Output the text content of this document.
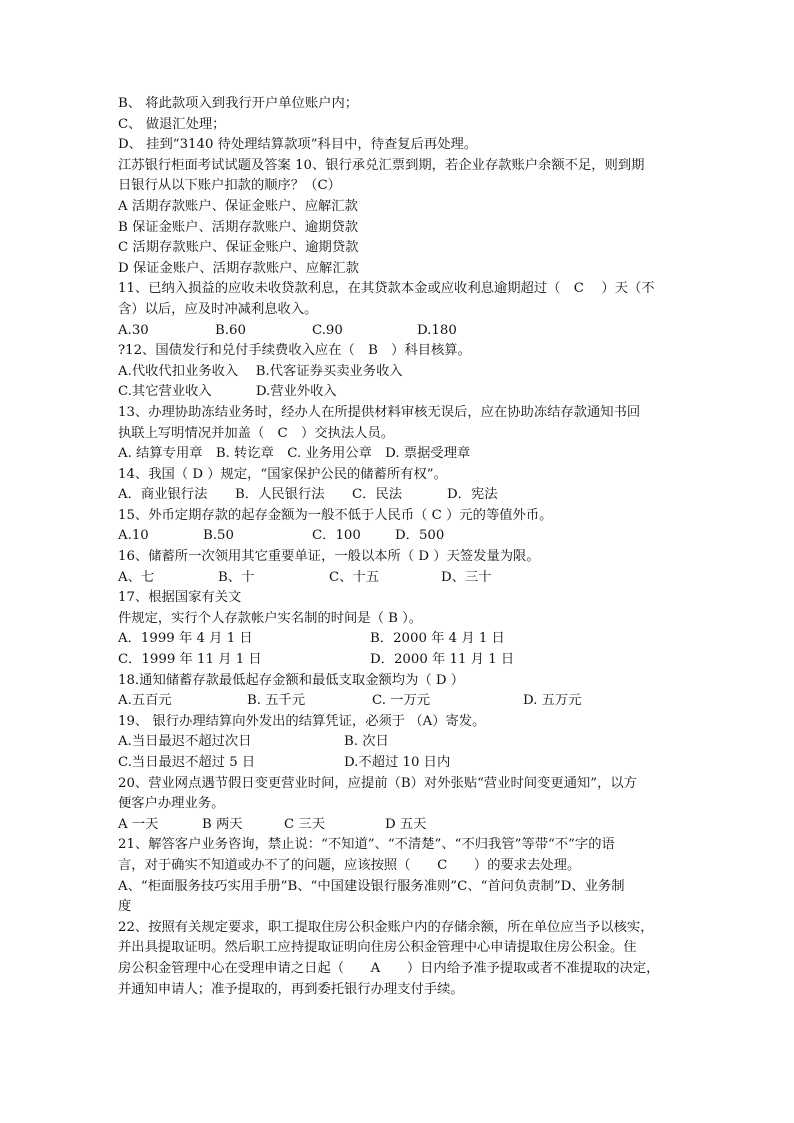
B、 将此款项入到我行开户单位账户内；
C、 做退汇处理；
D、 挂到“3140 待处理结算款项”科目中，待查复后再处理。
江苏银行柜面考试试题及答案 10、银行承兑汇票到期，若企业存款账户余额不足，则到期
日银行从以下账户扣款的顺序？（C）
A 活期存款账户、保证金账户、应解汇款
B 保证金账户、活期存款账户、逾期贷款
C 活期存款账户、保证金账户、逾期贷款
D 保证金账户、活期存款账户、应解汇款
11、已纳入损益的应收未收贷款利息，在其贷款本金或应收利息逾期超过（　C　 ）天（不
含）以后，应及时冲减利息收入。
A.30	B.60	C.90	D.180
?12、国债发行和兑付手续费收入应在（　B　）科目核算。
A.代收代扣业务收入　 B.代客证券买卖业务收入
C.其它营业收入　　　 D.营业外收入
13、办理协助冻结业务时，经办人在所提供材料审核无误后，应在协助冻结存款通知书回
执联上写明情况并加盖（　C　）交执法人员。
A. 结算专用章　B. 转讫章　C. 业务用公章　D. 票据受理章
14、我国（ D ）规定，“国家保护公民的储蓄所有权”。
A．商业银行法 B．人民银行法 C．民法	D．宪法
15、外币定期存款的起存金额为一般不低于人民币（ C ）元的等值外币。
A.10	B.50	C．100	D．500
16、储蓄所一次领用其它重要单证，一般以本所（ D ）天签发量为限。
A、七	B、十	C、十五	D、三十
17、根据国家有关文
件规定，实行个人存款帐户实名制的时间是（ B ）。
A．1999 年 4 月 1 日	B．2000 年 4 月 1 日
C．1999 年 11 月 1 日	D．2000 年 11 月 1 日
18.通知储蓄存款最低起存金额和最低支取金额均为（ D ）
A.五百元	B. 五千元	C. 一万元	D. 五万元
19、 银行办理结算向外发出的结算凭证，必须于 （A）寄发。
A.当日最迟不超过次日	B. 次日
C.当日最迟不超过 5 日	D.不超过 10 日内
20、营业网点遇节假日变更营业时间，应提前（B）对外张贴“营业时间变更通知”，以方
便客户办理业务。
A 一天	B 两天	C 三天	D 五天
21、解答客户业务咨询，禁止说：“不知道”、“不清楚”、“不归我管”等带“不”字的语
言，对于确实不知道或办不了的问题，应该按照（　　C　　）的要求去处理。
A、“柜面服务技巧实用手册”B、“中国建设银行服务准则”C、“首问负责制”D、业务制
度
22、按照有关规定要求，职工提取住房公积金账户内的存储余额，所在单位应当予以核实，
并出具提取证明。然后职工应持提取证明向住房公积金管理中心申请提取住房公积金。住
房公积金管理中心在受理申请之日起（　　A　　）日内给予准予提取或者不准提取的决定，
并通知申请人；准予提取的，再到委托银行办理支付手续。
